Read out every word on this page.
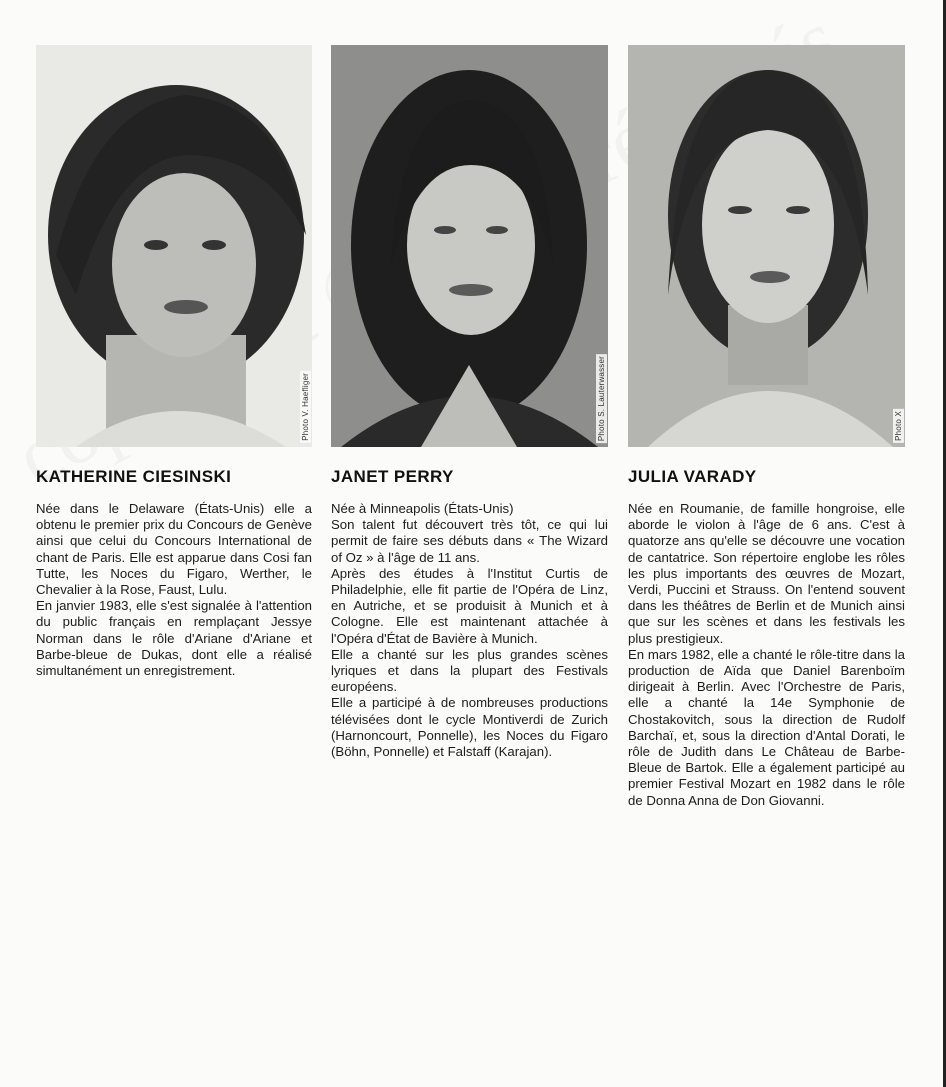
Photo V. Haefliger
KATHERINE CIESINSKI

Née dans le Delaware (États-Unis) elle a obtenu le premier prix du Concours de Genève ainsi que celui du Concours International de chant de Paris. Elle est apparue dans Cosi fan Tutte, les Noces du Figaro, Werther, le Chevalier à la Rose, Faust, Lulu.

En janvier 1983, elle s'est signalée à l'attention du public français en remplaçant Jessye Norman dans le rôle d'Ariane d'Ariane et Barbe-bleue de Dukas, dont elle a réalisé simultanément un enregistrement.

Photo S. Lauterwasser
JANET PERRY

Née à Minneapolis (États-Unis)
Son talent fut découvert très tôt, ce qui lui permit de faire ses débuts dans « The Wizard of Oz » à l'âge de 11 ans.

Après des études à l'Institut Curtis de Philadelphie, elle fit partie de l'Opéra de Linz, en Autriche, et se produisit à Munich et à Cologne. Elle est maintenant attachée à l'Opéra d'État de Bavière à Munich.

Elle a chanté sur les plus grandes scènes lyriques et dans la plupart des Festivals européens.

Elle a participé à de nombreuses productions télévisées dont le cycle Montiverdi de Zurich (Harnoncourt, Ponnelle), les Noces du Figaro (Böhn, Ponnelle) et Falstaff (Karajan).

Photo X
JULIA VARADY

Née en Roumanie, de famille hongroise, elle aborde le violon à l'âge de 6 ans. C'est à quatorze ans qu'elle se découvre une vocation de cantatrice. Son répertoire englobe les rôles les plus importants des œuvres de Mozart, Verdi, Puccini et Strauss. On l'entend souvent dans les théâtres de Berlin et de Munich ainsi que sur les scènes et dans les festivals les plus prestigieux.

En mars 1982, elle a chanté le rôle-titre dans la production de Aïda que Daniel Barenboïm dirigeait à Berlin. Avec l'Orchestre de Paris, elle a chanté la 14e Symphonie de Chostakovitch, sous la direction de Rudolf Barchaï, et, sous la direction d'Antal Dorati, le rôle de Judith dans Le Château de Barbe-Bleue de Bartok. Elle a également participé au premier Festival Mozart en 1982 dans le rôle de Donna Anna de Don Giovanni.
